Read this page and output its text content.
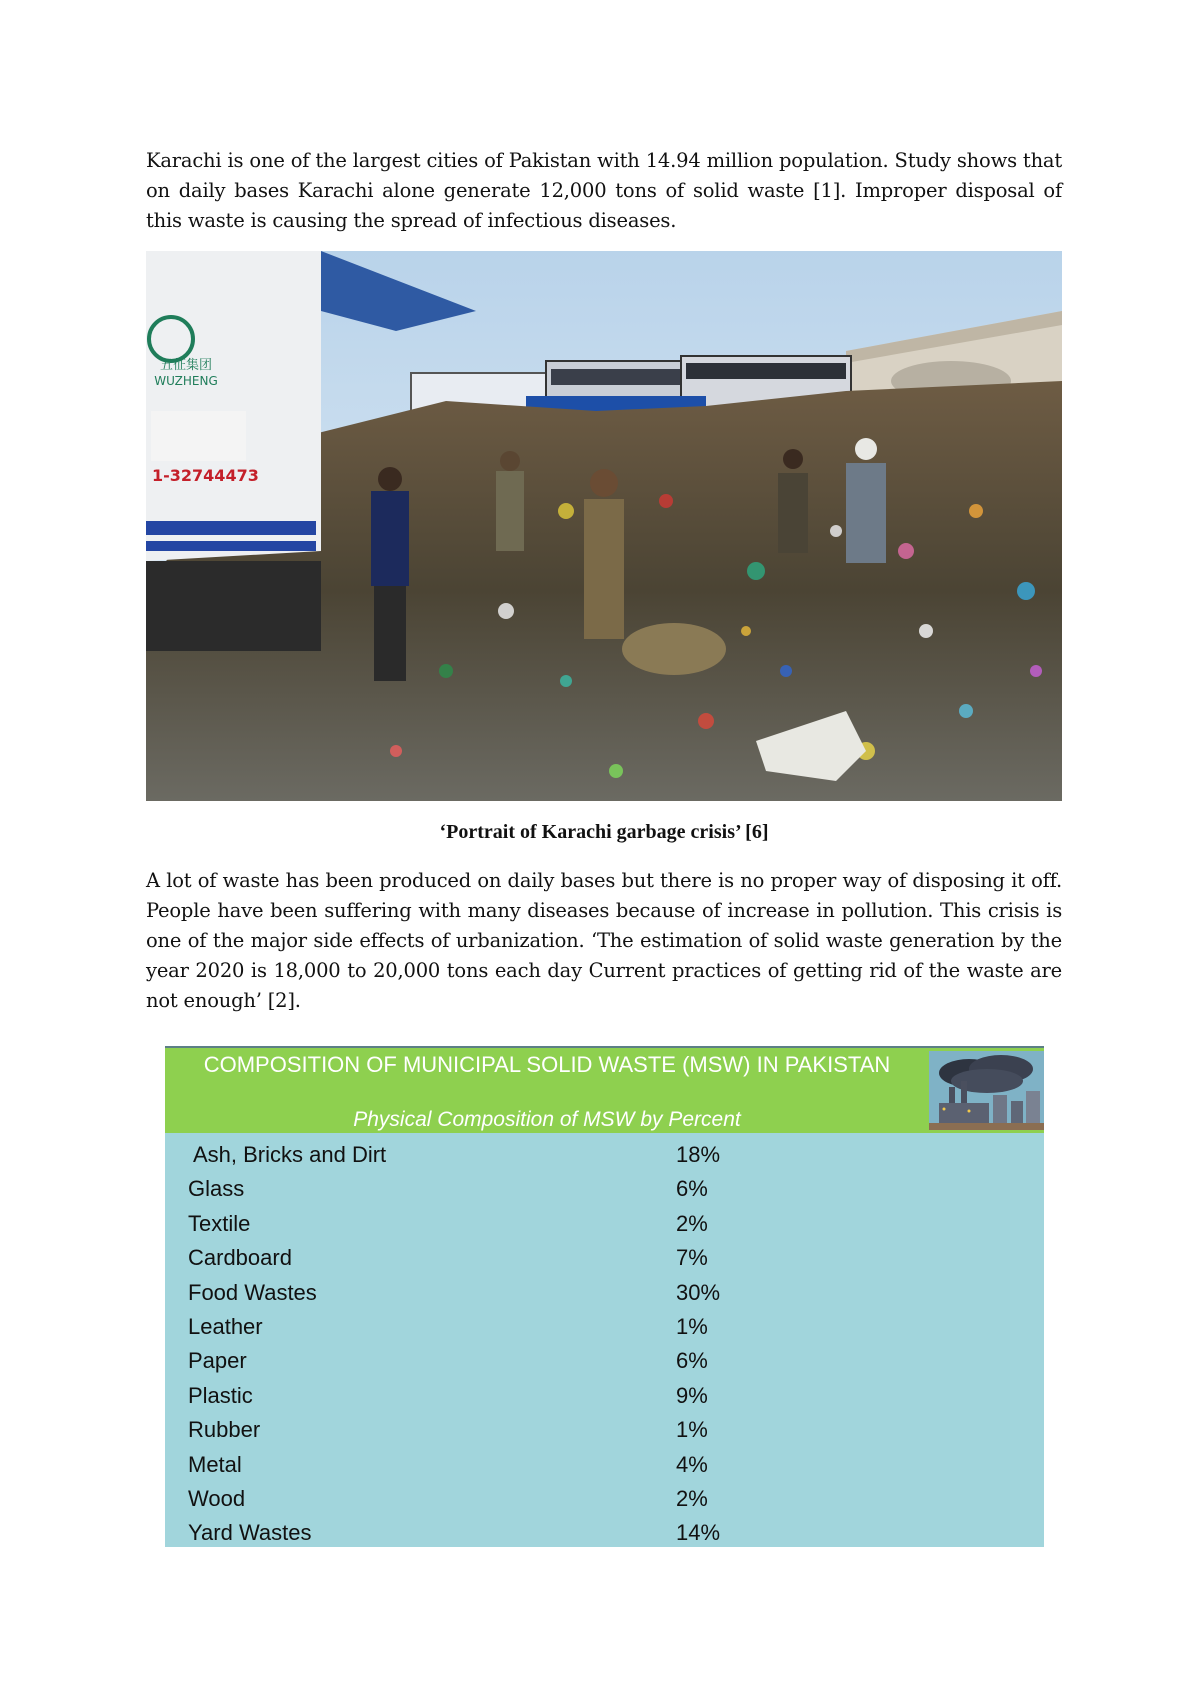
Karachi is one of the largest cities of Pakistan with 14.94 million population. Study shows that on daily bases Karachi alone generate 12,000 tons of solid waste [1]. Improper disposal of this waste is causing the spread of infectious diseases.

五征集团
WUZHENG
1-32744473

‘Portrait of Karachi garbage crisis’ [6]

A lot of waste has been produced on daily bases but there is no proper way of disposing it off. People have been suffering with many diseases because of increase in pollution. This crisis is one of the major side effects of urbanization. ‘The estimation of solid waste generation by the year 2020 is 18,000 to 20,000 tons each day Current practices of getting rid of the waste are not enough’ [2].

COMPOSITION OF MUNICIPAL SOLID WASTE (MSW) IN PAKISTAN
Physical Composition of MSW by Percent
Ash, Bricks and Dirt	18%
Glass	6%
Textile	2%
Cardboard	7%
Food Wastes	30%
Leather	1%
Paper	6%
Plastic	9%
Rubber	1%
Metal	4%
Wood	2%
Yard Wastes	14%
